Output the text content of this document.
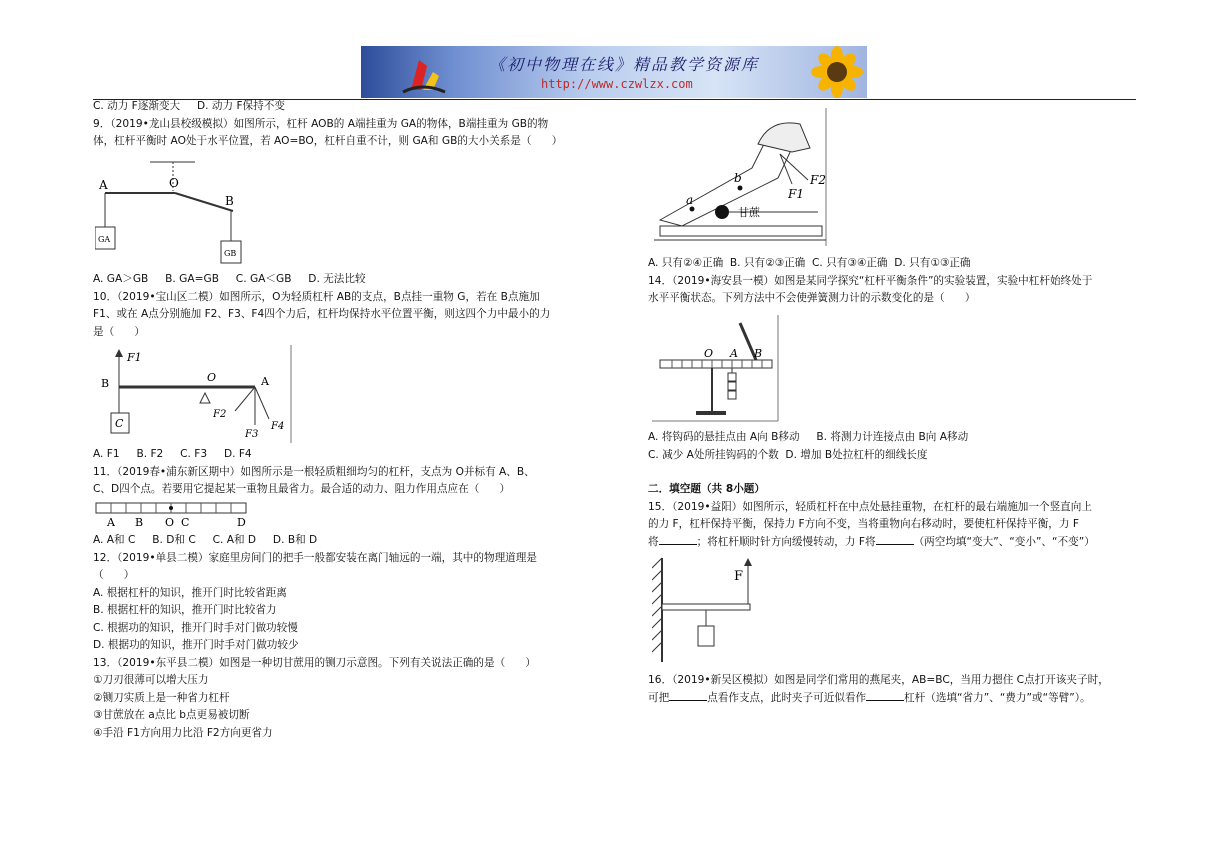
《初中物理在线》精品教学资源库
http://www.czwlzx.com

C. 动力 F逐渐变大     D. 动力 F保持不变

9．（2019•龙山县校级模拟）如图所示，杠杆 AOB的 A端挂重为 GA的物体，B端挂重为 GB的物

体，杠杆平衡时 AO处于水平位置，若 AO=BO，杠杆自重不计，则 GA和 GB的大小关系是（      ）

A. GA＞GB     B. GA=GB     C. GA＜GB     D. 无法比较

10．（2019•宝山区二模）如图所示，O为轻质杠杆 AB的支点，B点挂一重物 G，若在 B点施加

F1、或在 A点分别施加 F2、F3、F4四个力后，杠杆均保持水平位置平衡，则这四个力中最小的力

是（      ）

A. F1     B. F2     C. F3     D. F4

11．（2019春•浦东新区期中）如图所示是一根轻质粗细均匀的杠杆，支点为 O并标有 A、B、

C、D四个点。若要用它提起某一重物且最省力。最合适的动力、阻力作用点应在（      ）

A. A和 C     B. D和 C     C. A和 D     D. B和 D

12．（2019•单县二模）家庭里房间门的把手一般都安装在离门轴远的一端，其中的物理道理是

（      ）

A. 根据杠杆的知识，推开门时比较省距离

B. 根据杠杆的知识，推开门时比较省力

C. 根据功的知识，推开门时手对门做功较慢

D. 根据功的知识，推开门时手对门做功较少

13．（2019•东平县二模）如图是一种切甘蔗用的铡刀示意图。下列有关说法正确的是（      ）

①刀刃很薄可以增大压力

②铡刀实质上是一种省力杠杆

③甘蔗放在 a点比 b点更易被切断

④手沿 F1方向用力比沿 F2方向更省力

A	O
B
GA
GB
F1
B	O	A
C
F2
F3
F4
A B O C	D

A. 只有②④正确  B. 只有②③正确  C. 只有③④正确  D. 只有①③正确

14．（2019•海安县一模）如图是某同学探究“杠杆平衡条件”的实验装置，实验中杠杆始终处于

水平平衡状态。下列方法中不会使弹簧测力计的示数变化的是（      ）

A. 将钩码的悬挂点由 A向 B移动     B. 将测力计连接点由 B向 A移动

C. 减少 A处所挂钩码的个数  D. 增加 B处拉杠杆的细线长度

二．填空题（共 8小题）

15．（2019•益阳）如图所示，轻质杠杆在中点处悬挂重物，在杠杆的最右端施加一个竖直向上

的力 F，杠杆保持平衡，保持力 F方向不变，当将重物向右移动时，要使杠杆保持平衡，力 F

将	；将杠杆顺时针方向缓慢转动，力 F将	（两空均填“变大”、“变小”、“不变”）

16．（2019•新吴区模拟）如图是同学们常用的燕尾夹，AB=BC，当用力摁住 C点打开该夹子时，

可把	点看作支点，此时夹子可近似看作	杠杆（选填“省力”、“费力”或“等臂”）。

a
b
F1
F2
甘蔗
O A B
F
